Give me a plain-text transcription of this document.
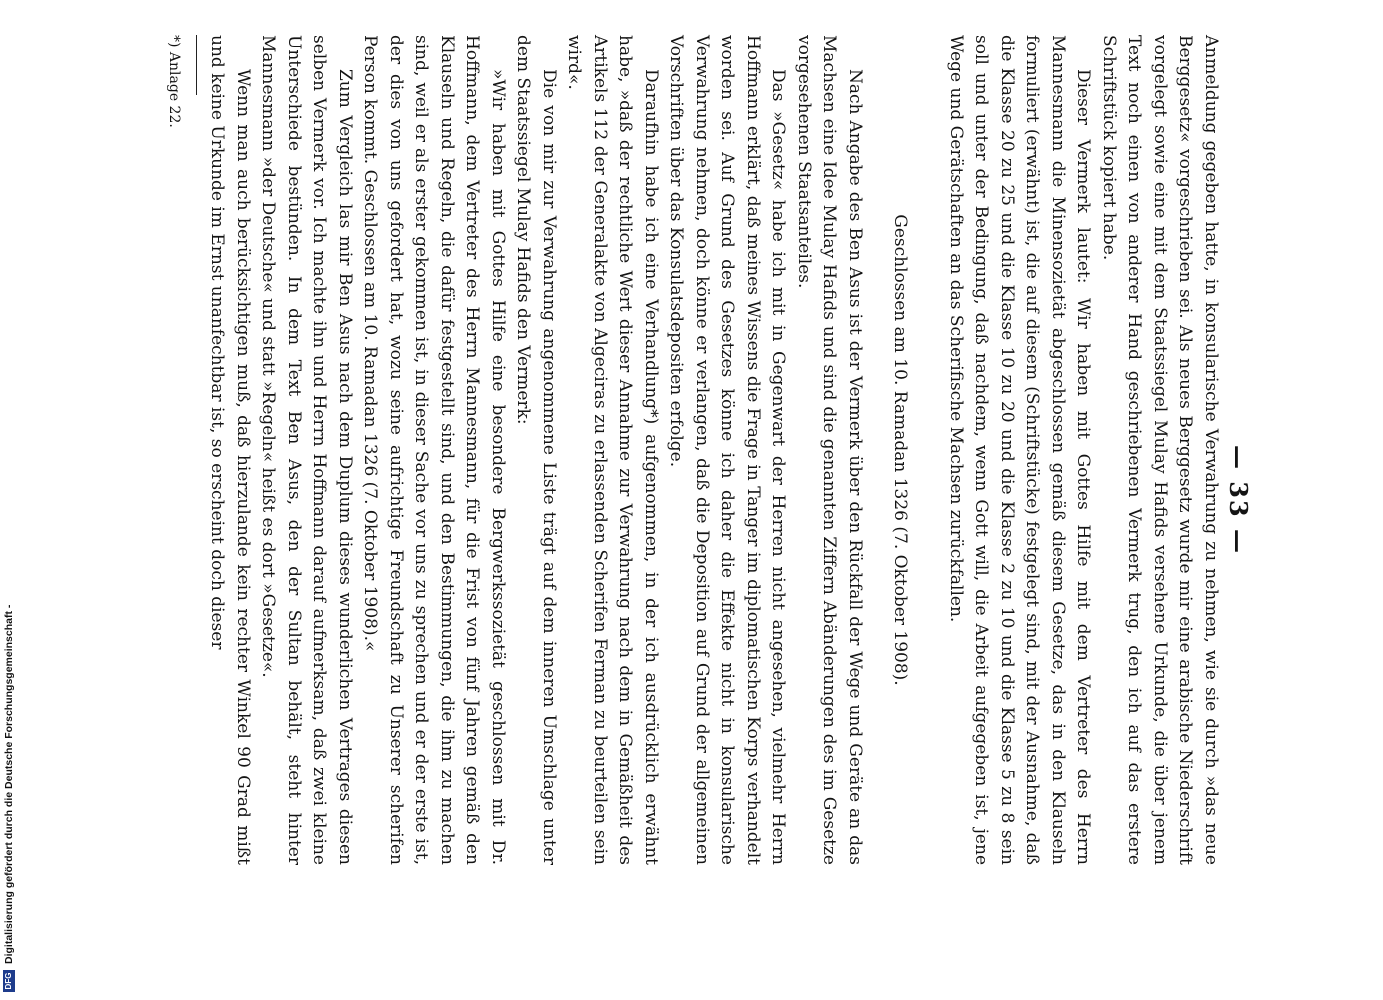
— 33 —

Anmeldung gegeben hatte, in konsularische Verwahrung zu nehmen, wie sie durch »das neue Berggesetz« vorgeschrieben sei. Als neues Berggesetz wurde mir eine arabische Niederschrift vorgelegt sowie eine mit dem Staatssiegel Mulay Hafids versehene Urkunde, die über jenem Text noch einen von anderer Hand geschriebenen Vermerk trug, den ich auf das erstere Schriftstück kopiert habe.

Dieser Vermerk lautet: Wir haben mit Gottes Hilfe mit dem Vertreter des Herrn Mannesmann die Minensozietät abgeschlossen gemäß diesem Gesetze, das in den Klauseln formuliert (erwähnt) ist, die auf diesem (Schriftstücke) festgelegt sind, mit der Ausnahme, daß die Klasse 20 zu 25 und die Klasse 10 zu 20 und die Klasse 2 zu 10 und die Klasse 5 zu 8 sein soll und unter der Bedingung, daß nachdem, wenn Gott will, die Arbeit aufgegeben ist, jene Wege und Gerätschaften an das Scherifische Machsen zurückfallen.

Geschlossen am 10. Ramadan 1326 (7. Oktober 1908).

Nach Angabe des Ben Asus ist der Vermerk über den Rückfall der Wege und Geräte an das Machsen eine Idee Mulay Hafids und sind die genannten Ziffern Abänderungen des im Gesetze vorgesehenen Staatsanteiles.

Das »Gesetz« habe ich mit in Gegenwart der Herren nicht angesehen, vielmehr Herrn Hoffmann erklärt, daß meines Wissens die Frage in Tanger im diplomatischen Korps verhandelt worden sei. Auf Grund des Gesetzes könne ich daher die Effekte nicht in konsularische Verwahrung nehmen, doch könne er verlangen, daß die Deposition auf Grund der allgemeinen Vorschriften über das Konsulatsdepositen erfolge.

Daraufhin habe ich eine Verhandlung*) aufgenommen, in der ich ausdrücklich erwähnt habe, »daß der rechtliche Wert dieser Annahme zur Verwahrung nach dem in Gemäßheit des Artikels 112 der Generalakte von Algeciras zu erlassenden Scherifen Ferman zu beurteilen sein wird«.

Die von mir zur Verwahrung angenommene Liste trägt auf dem inneren Umschlage unter dem Staatssiegel Mulay Hafids den Vermerk:

»Wir haben mit Gottes Hilfe eine besondere Bergwerkssozietät geschlossen mit Dr. Hoffmann, dem Vertreter des Herrn Mannesmann, für die Frist von fünf Jahren gemäß den Klauseln und Regeln, die dafür festgestellt sind, und den Bestimmungen, die ihm zu machen sind, weil er als erster gekommen ist, in dieser Sache vor uns zu sprechen und er der erste ist, der dies von uns gefordert hat, wozu seine aufrichtige Freundschaft zu Unserer scherifen Person kommt. Geschlossen am 10. Ramadan 1326 (7. Oktober 1908).«

Zum Vergleich las mir Ben Asus nach dem Duplum dieses wunderlichen Vertrages diesen selben Vermerk vor. Ich machte ihn und Herrn Hoffmann darauf aufmerksam, daß zwei kleine Unterschiede bestünden. In dem Text Ben Asus, den der Sultan behält, steht hinter Mannesmann »der Deutsche« und statt »Regeln« heißt es dort »Gesetze«.

Wenn man auch berücksichtigen muß, daß hierzulande kein rechter Winkel 90 Grad mißt und keine Urkunde im Ernst unanfechtbar ist, so erscheint doch dieser

*) Anlage 22.
DFG
Digitalisierung gefördert durch die Deutsche Forschungsgemeinschaft -
